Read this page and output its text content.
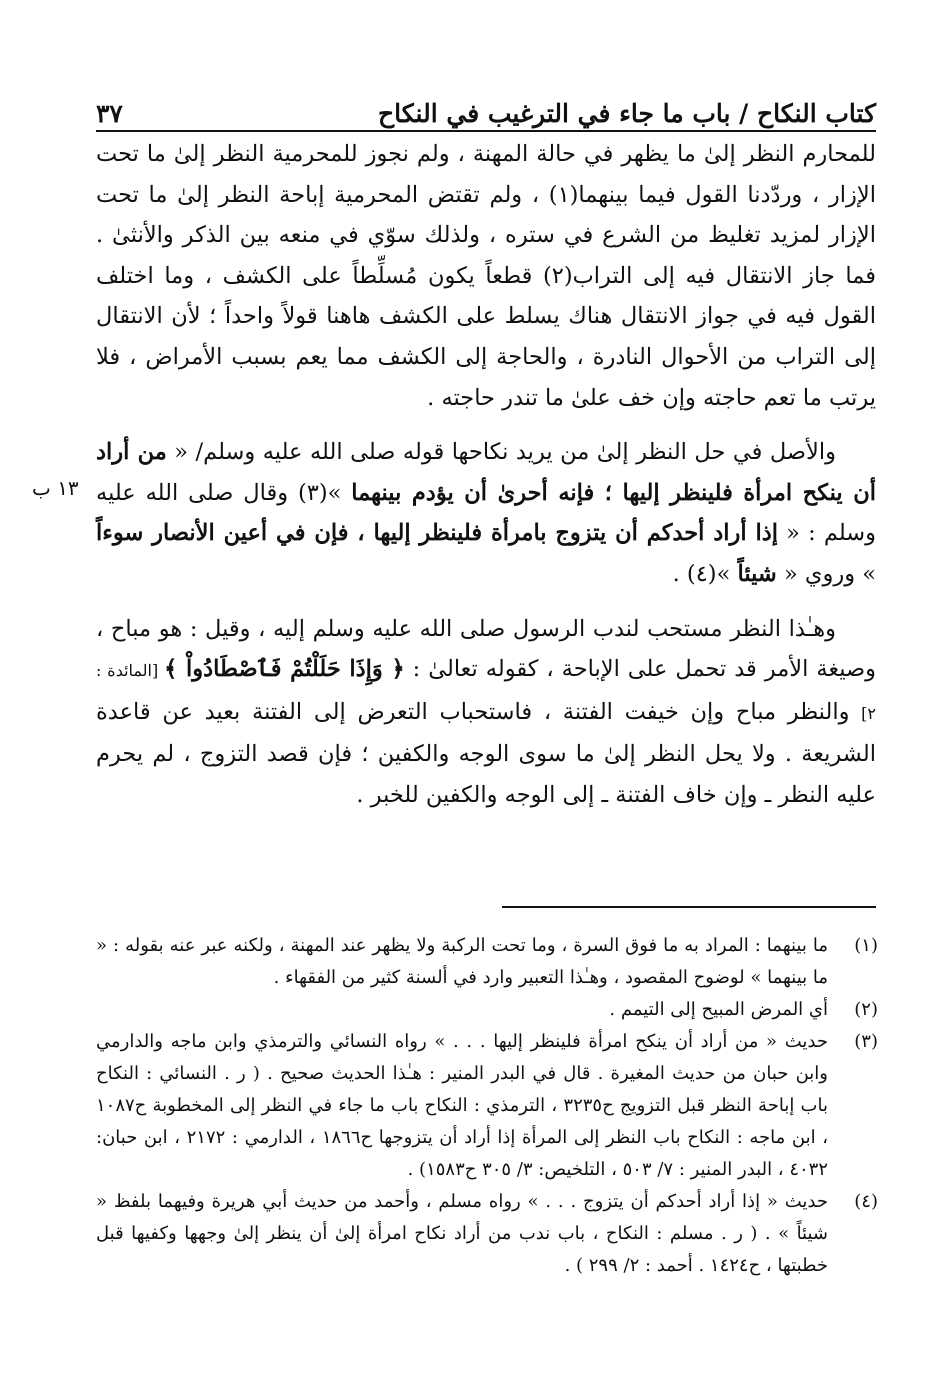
كتاب النكاح / باب ما جاء في الترغيب في النكاح
٣٧

للمحارم النظر إلىٰ ما يظهر في حالة المهنة ، ولم نجوز للمحرمية النظر إلىٰ ما تحت الإزار ، وردّدنا القول فيما بينهما(١) ، ولم تقتض المحرمية إباحة النظر إلىٰ ما تحت الإزار لمزيد تغليظ من الشرع في ستره ، ولذلك سوّي في منعه بين الذكر والأنثىٰ . فما جاز الانتقال فيه إلى التراب(٢) قطعاً يكون مُسلِّطاً على الكشف ، وما اختلف القول فيه في جواز الانتقال هناك يسلط على الكشف هاهنا قولاً واحداً ؛ لأن الانتقال إلى التراب من الأحوال النادرة ، والحاجة إلى الكشف مما يعم بسبب الأمراض ، فلا يرتب ما تعم حاجته وإن خف علىٰ ما تندر حاجته .

والأصل في حل النظر إلىٰ من يريد نكاحها قوله صلى الله عليه وسلم/ « من أراد أن ينكح امرأة فلينظر إليها ؛ فإنه أحرىٰ أن يؤدم بينهما »(٣) وقال صلى الله عليه وسلم : « إذا أراد أحدكم أن يتزوج بامرأة فلينظر إليها ، فإن في أعين الأنصار سوءاً » وروي « شيئاً »(٤) .

وهـٰذا النظر مستحب لندب الرسول صلى الله عليه وسلم إليه ، وقيل : هو مباح ، وصيغة الأمر قد تحمل على الإباحة ، كقوله تعالىٰ : ﴿ وَإِذَا حَلَلْتُمْ فَٱصْطَادُواْ ﴾ [المائدة : ٢] والنظر مباح وإن خيفت الفتنة ، فاستحباب التعرض إلى الفتنة بعيد عن قاعدة الشريعة . ولا يحل النظر إلىٰ ما سوى الوجه والكفين ؛ فإن قصد التزوج ، لم يحرم عليه النظر ـ وإن خاف الفتنة ـ إلى الوجه والكفين للخبر .

١٣ ب
(١)
ما بينهما : المراد به ما فوق السرة ، وما تحت الركبة ولا يظهر عند المهنة ، ولكنه عبر عنه بقوله : « ما بينهما » لوضوح المقصود ، وهـٰذا التعبير وارد في ألسنة كثير من الفقهاء .
(٢)
أي المرض المبيح إلى التيمم .
(٣)
حديث « من أراد أن ينكح امرأة فلينظر إليها . . . » رواه النسائي والترمذي وابن ماجه والدارمي وابن حبان من حديث المغيرة . قال في البدر المنير : هـٰذا الحديث صحيح . ( ر . النسائي : النكاح باب إباحة النظر قبل التزويج ح٣٢٣٥ ، الترمذي : النكاح باب ما جاء في النظر إلى المخطوبة ح١٠٨٧ ، ابن ماجه : النكاح باب النظر إلى المرأة إذا أراد أن يتزوجها ح١٨٦٦ ، الدارمي : ٢١٧٢ ، ابن حبان: ٤٠٣٢ ، البدر المنير : ٧/ ٥٠٣ ، التلخيص: ٣/ ٣٠٥ ح١٥٨٣) .
(٤)
حديث « إذا أراد أحدكم أن يتزوج . . . » رواه مسلم ، وأحمد من حديث أبي هريرة وفيهما بلفظ « شيئاً » . ( ر . مسلم : النكاح ، باب ندب من أراد نكاح امرأة إلىٰ أن ينظر إلىٰ وجهها وكفيها قبل خطبتها ، ح١٤٢٤ . أحمد : ٢/ ٢٩٩ ) .
